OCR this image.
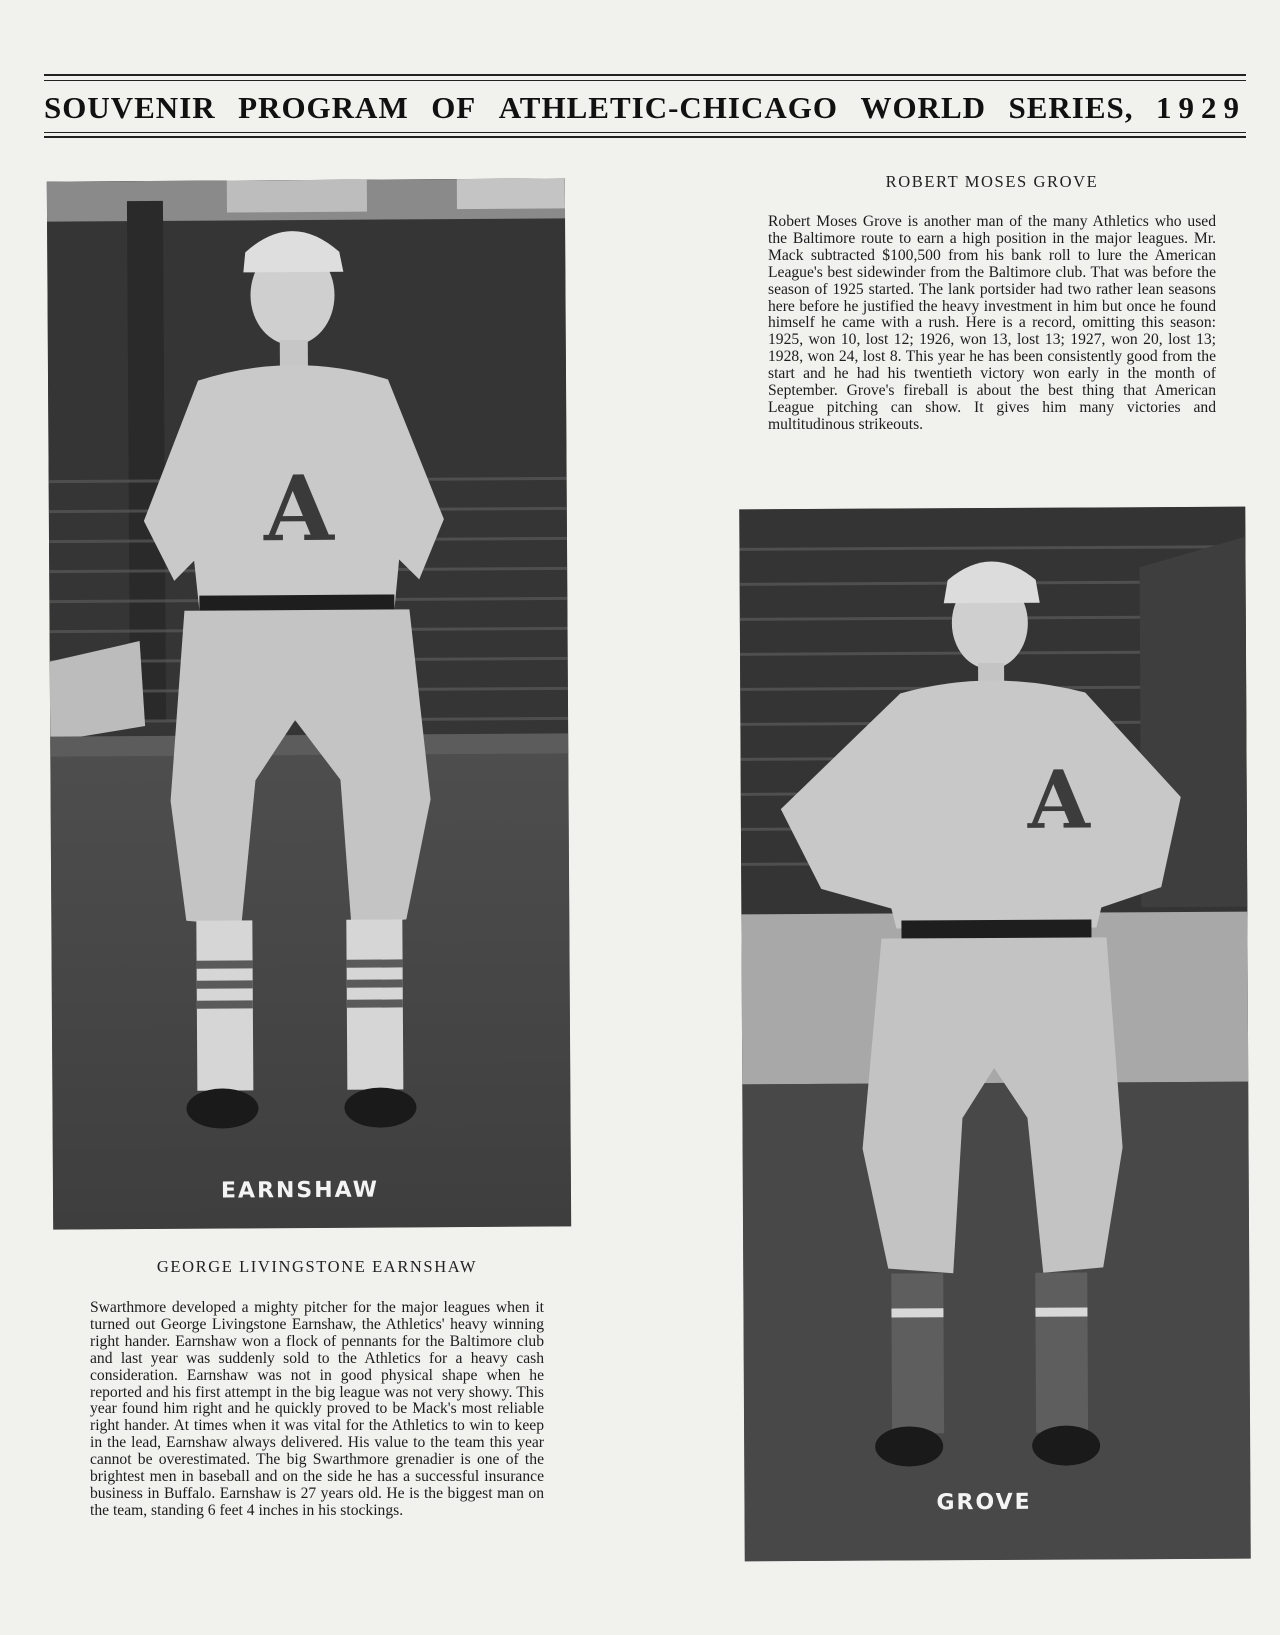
SOUVENIR PROGRAM OF ATHLETIC-CHICAGO WORLD SERIES, 1929
A
EARNSHAW
ROBERT MOSES GROVE

Robert Moses Grove is another man of the many Athletics who used the Baltimore route to earn a high position in the major leagues. Mr. Mack subtracted $100,500 from his bank roll to lure the American League's best sidewinder from the Baltimore club. That was before the season of 1925 started. The lank portsider had two rather lean seasons here before he justified the heavy investment in him but once he found himself he came with a rush. Here is a record, omitting this season: 1925, won 10, lost 12; 1926, won 13, lost 13; 1927, won 20, lost 13; 1928, won 24, lost 8. This year he has been consistently good from the start and he had his twentieth victory won early in the month of September. Grove's fireball is about the best thing that American League pitching can show. It gives him many victories and multitudinous strikeouts.

A
GROVE
GEORGE LIVINGSTONE EARNSHAW

Swarthmore developed a mighty pitcher for the major leagues when it turned out George Livingstone Earnshaw, the Athletics' heavy winning right hander. Earnshaw won a flock of pennants for the Baltimore club and last year was suddenly sold to the Athletics for a heavy cash consideration. Earnshaw was not in good physical shape when he reported and his first attempt in the big league was not very showy. This year found him right and he quickly proved to be Mack's most reliable right hander. At times when it was vital for the Athletics to win to keep in the lead, Earnshaw always delivered. His value to the team this year cannot be overestimated. The big Swarthmore grenadier is one of the brightest men in baseball and on the side he has a successful insurance business in Buffalo. Earnshaw is 27 years old. He is the biggest man on the team, standing 6 feet 4 inches in his stockings.
